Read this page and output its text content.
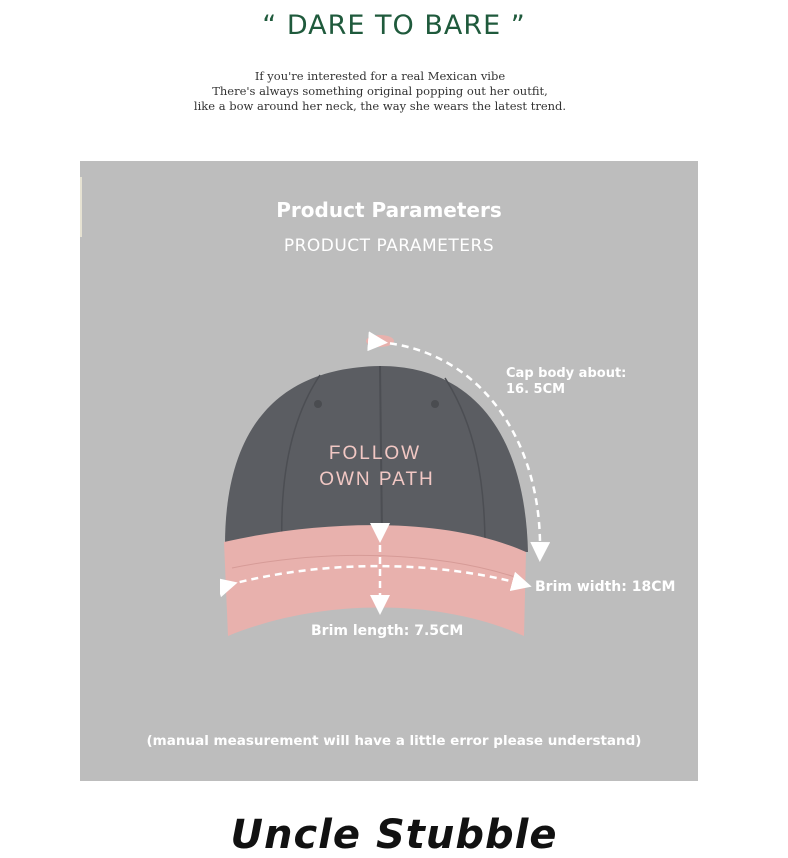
“ DARE TO BARE ”
If you're interested for a real Mexican vibe
There's always something original popping out her outfit,
like a bow around her neck, the way she wears the latest trend.
Product Parameters
PRODUCT PARAMETERS
FOLLOW
OWN PATH
Cap body about: 16. 5CM
Brim width: 18CM
Brim length: 7.5CM
(manual measurement will have a little error please understand)
Uncle Stubble
